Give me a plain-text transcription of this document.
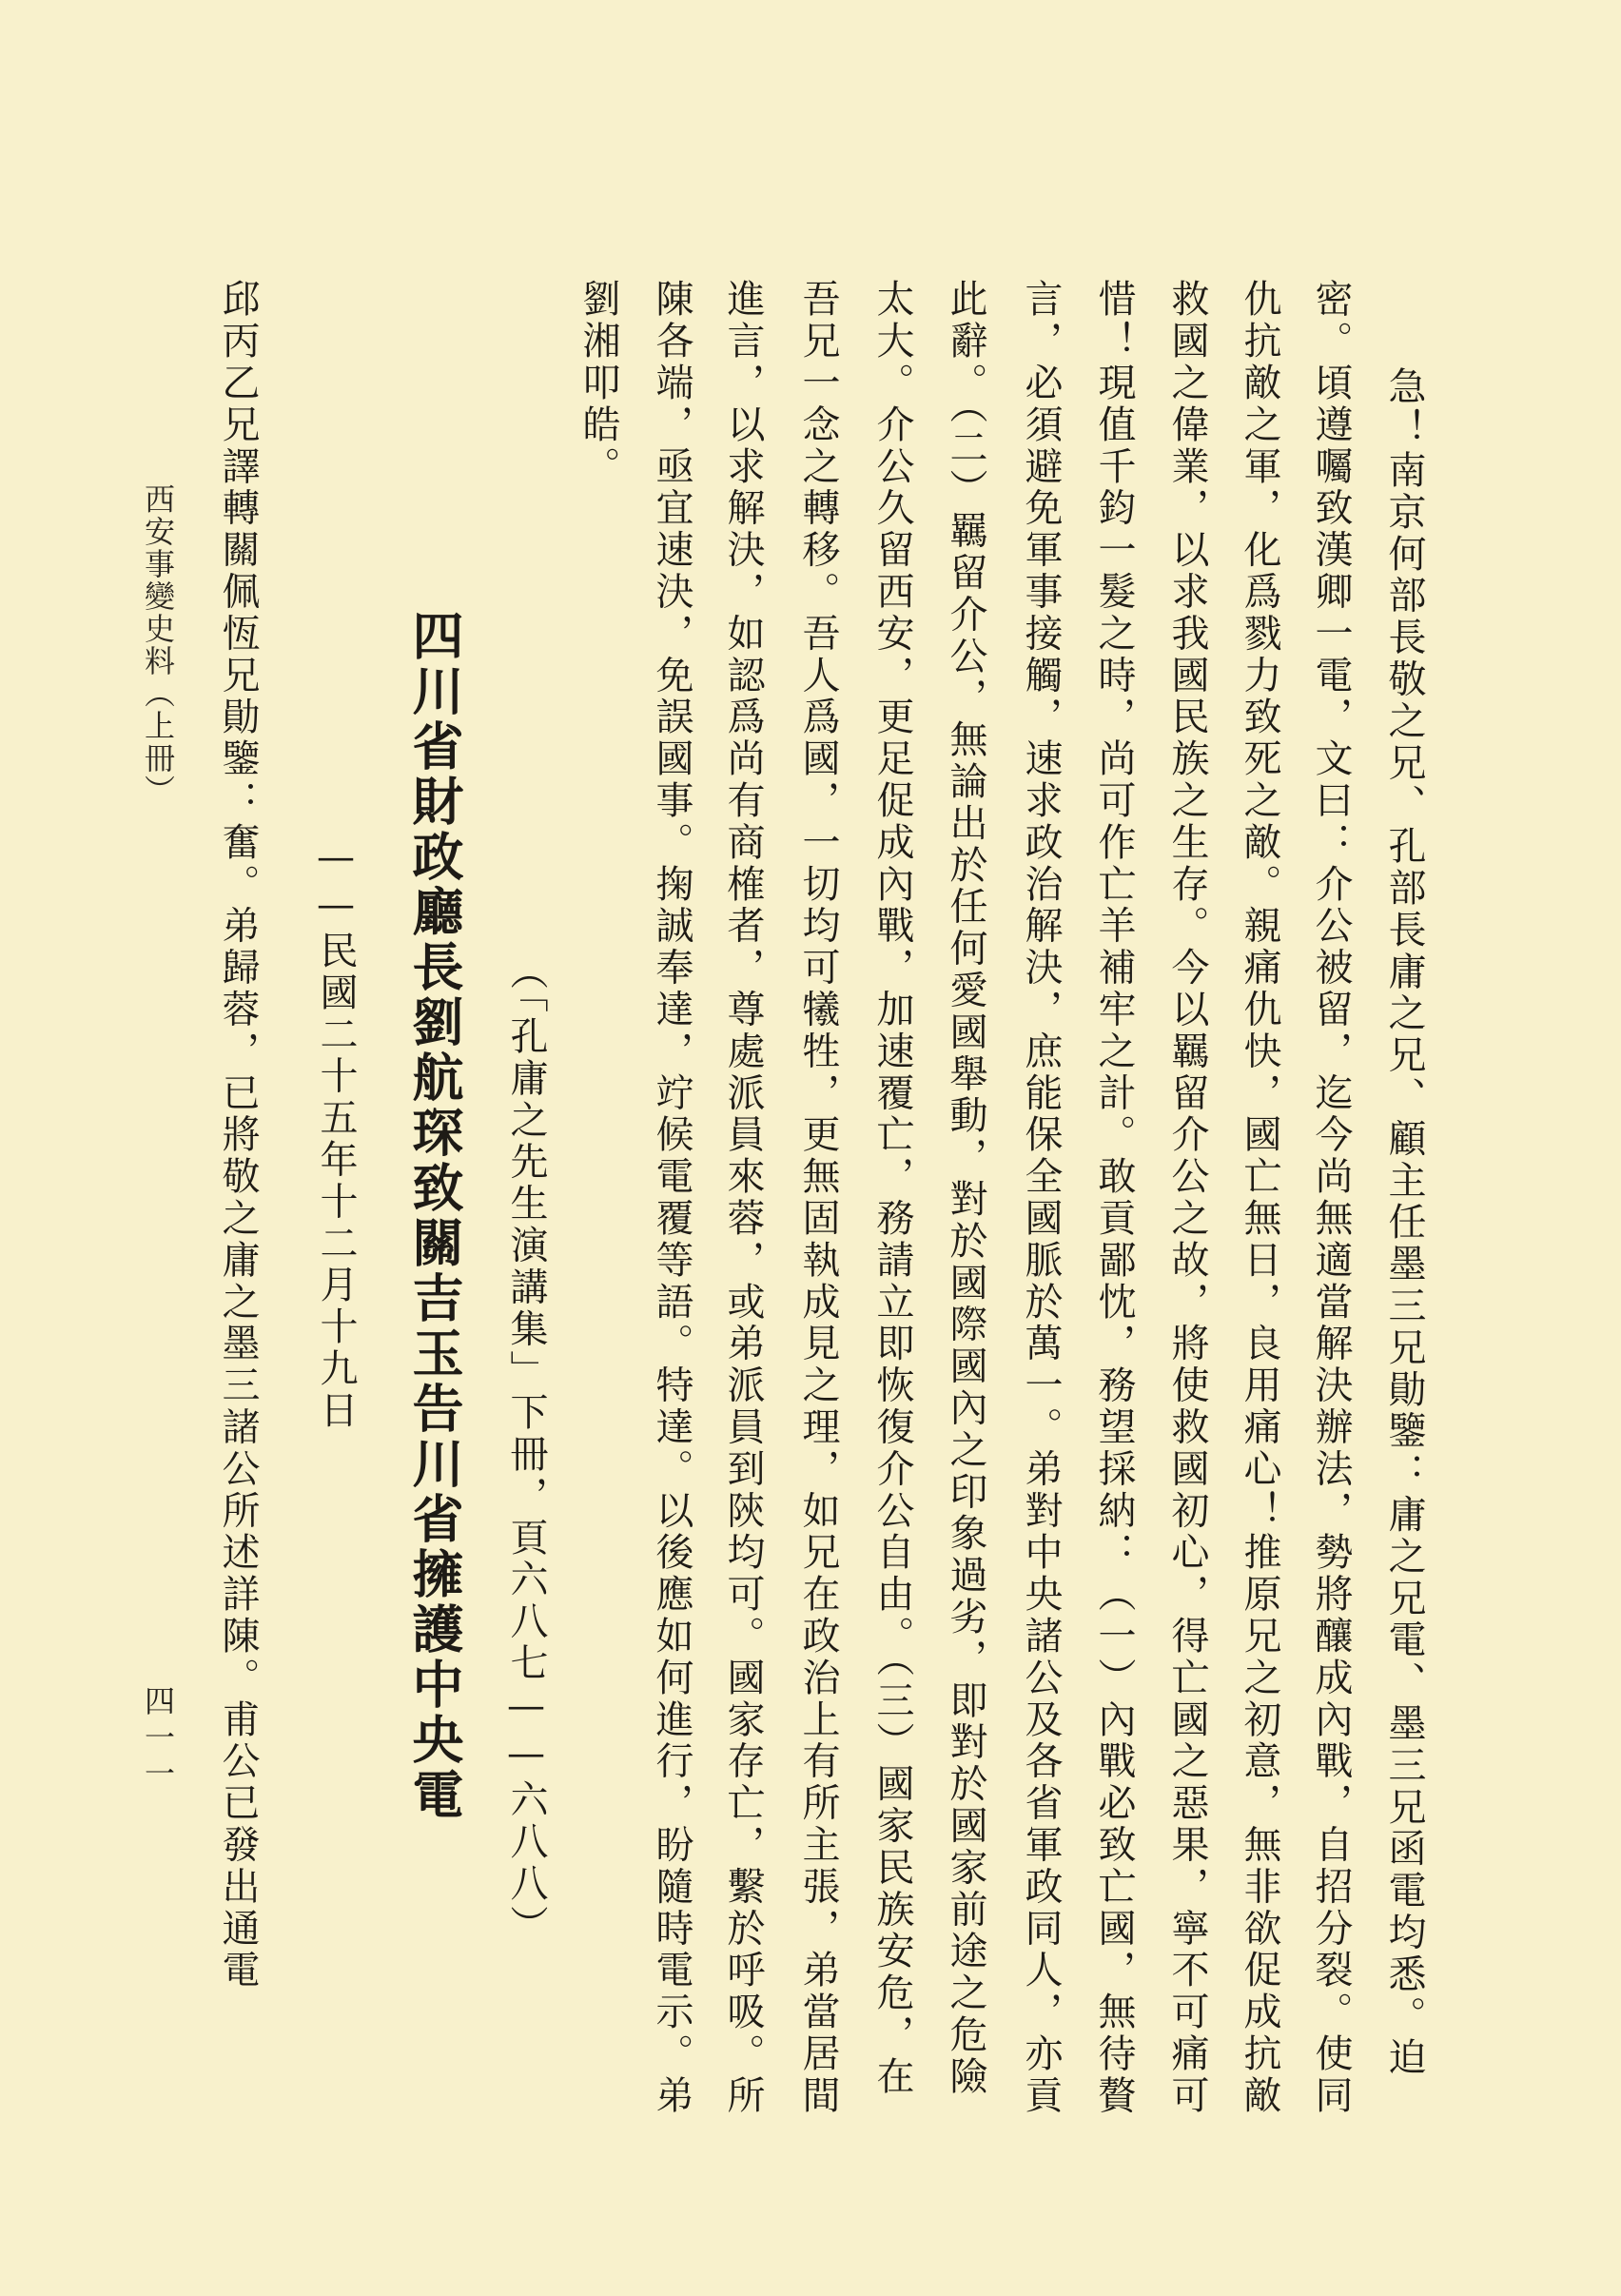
急！南京何部長敬之兄、孔部長庸之兄、顧主任墨三兄勛鑒：庸之兄電、墨三兄函電均悉。迫
密。頃遵囑致漢卿一電，文曰：介公被留，迄今尚無適當解決辦法，勢將釀成內戰，自招分裂。使同
仇抗敵之軍，化爲戮力致死之敵。親痛仇快，國亡無日，良用痛心！推原兄之初意，無非欲促成抗敵
救國之偉業，以求我國民族之生存。今以羈留介公之故，將使救國初心，得亡國之惡果，寧不可痛可
惜！現值千鈞一髮之時，尚可作亡羊補牢之計。敢貢鄙忱，務望採納：（一）內戰必致亡國，無待贅
言，必須避免軍事接觸，速求政治解決，庶能保全國脈於萬一。弟對中央諸公及各省軍政同人，亦貢
此辭。（二）羈留介公，無論出於任何愛國舉動，對於國際國內之印象過劣，即對於國家前途之危險
太大。介公久留西安，更足促成內戰，加速覆亡，務請立即恢復介公自由。（三）國家民族安危，在
吾兄一念之轉移。吾人爲國，一切均可犧牲，更無固執成見之理，如兄在政治上有所主張，弟當居間
進言，以求解決，如認爲尚有商榷者，尊處派員來蓉，或弟派員到陝均可。國家存亡，繫於呼吸。所
陳各端，亟宜速決，免誤國事。掬誠奉達，竚候電覆等語。特達。以後應如何進行，盼隨時電示。弟
劉湘叩皓。
（「孔庸之先生演講集」下冊，頁六八七——六八八）
四川省財政廳長劉航琛致關吉玉告川省擁護中央電
——民國二十五年十二月十九日
邱丙乙兄譯轉關佩恆兄勛鑒：奮。弟歸蓉，已將敬之庸之墨三諸公所述詳陳。甫公已發出通電
西安事變史料（上冊）
四一一
